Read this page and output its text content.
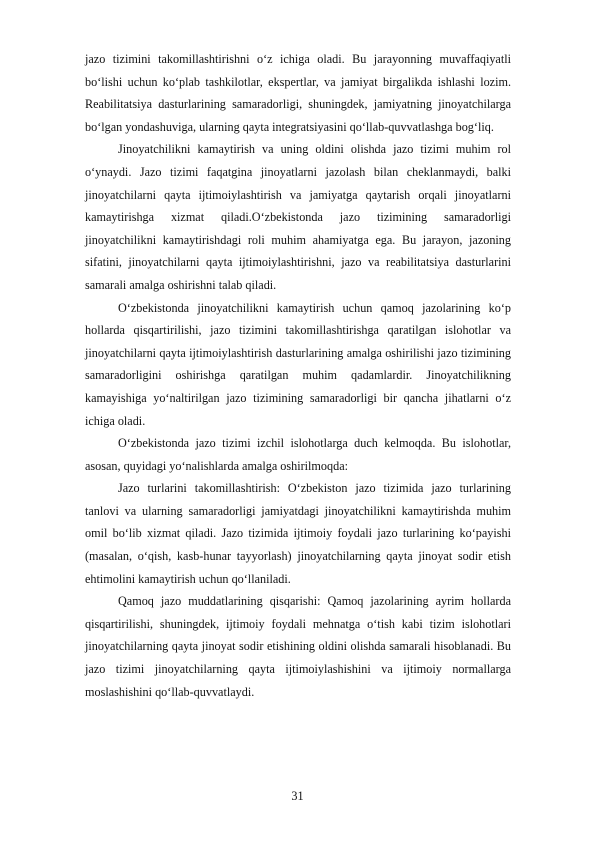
jazo tizimini takomillashtirishni o‘z ichiga oladi. Bu jarayonning muvaffaqiyatli bo‘lishi uchun ko‘plab tashkilotlar, ekspertlar, va jamiyat birgalikda ishlashi lozim. Reabilitatsiya dasturlarining samaradorligi, shuningdek, jamiyatning jinoyatchilarga bo‘lgan yondashuviga, ularning qayta integratsiyasini qo‘llab-quvvatlashga bog‘liq.

Jinoyatchilikni kamaytirish va uning oldini olishda jazo tizimi muhim rol o‘ynaydi. Jazo tizimi faqatgina jinoyatlarni jazolash bilan cheklanmaydi, balki jinoyatchilarni qayta ijtimoiylashtirish va jamiyatga qaytarish orqali jinoyatlarni kamaytirishga xizmat qiladi.O‘zbekistonda jazo tizimining samaradorligi jinoyatchilikni kamaytirishdagi roli muhim ahamiyatga ega. Bu jarayon, jazoning sifatini, jinoyatchilarni qayta ijtimoiylashtirishni, jazo va reabilitatsiya dasturlarini samarali amalga oshirishni talab qiladi.

O‘zbekistonda jinoyatchilikni kamaytirish uchun qamoq jazolarining ko‘p hollarda qisqartirilishi, jazo tizimini takomillashtirishga qaratilgan islohotlar va jinoyatchilarni qayta ijtimoiylashtirish dasturlarining amalga oshirilishi jazo tizimining samaradorligini oshirishga qaratilgan muhim qadamlardir. Jinoyatchilikning kamayishiga yo‘naltirilgan jazo tizimining samaradorligi bir qancha jihatlarni o‘z ichiga oladi.

O‘zbekistonda jazo tizimi izchil islohotlarga duch kelmoqda. Bu islohotlar, asosan, quyidagi yo‘nalishlarda amalga oshirilmoqda:

Jazo turlarini takomillashtirish: O‘zbekiston jazo tizimida jazo turlarining tanlovi va ularning samaradorligi jamiyatdagi jinoyatchilikni kamaytirishda muhim omil bo‘lib xizmat qiladi. Jazo tizimida ijtimoiy foydali jazo turlarining ko‘payishi (masalan, o‘qish, kasb-hunar tayyorlash) jinoyatchilarning qayta jinoyat sodir etish ehtimolini kamaytirish uchun qo‘llaniladi.

Qamoq jazo muddatlarining qisqarishi: Qamoq jazolarining ayrim hollarda qisqartirilishi, shuningdek, ijtimoiy foydali mehnatga o‘tish kabi tizim islohotlari jinoyatchilarning qayta jinoyat sodir etishining oldini olishda samarali hisoblanadi. Bu jazo tizimi jinoyatchilarning qayta ijtimoiylashishini va ijtimoiy normallarga moslashishini qo‘llab-quvvatlaydi.

31
